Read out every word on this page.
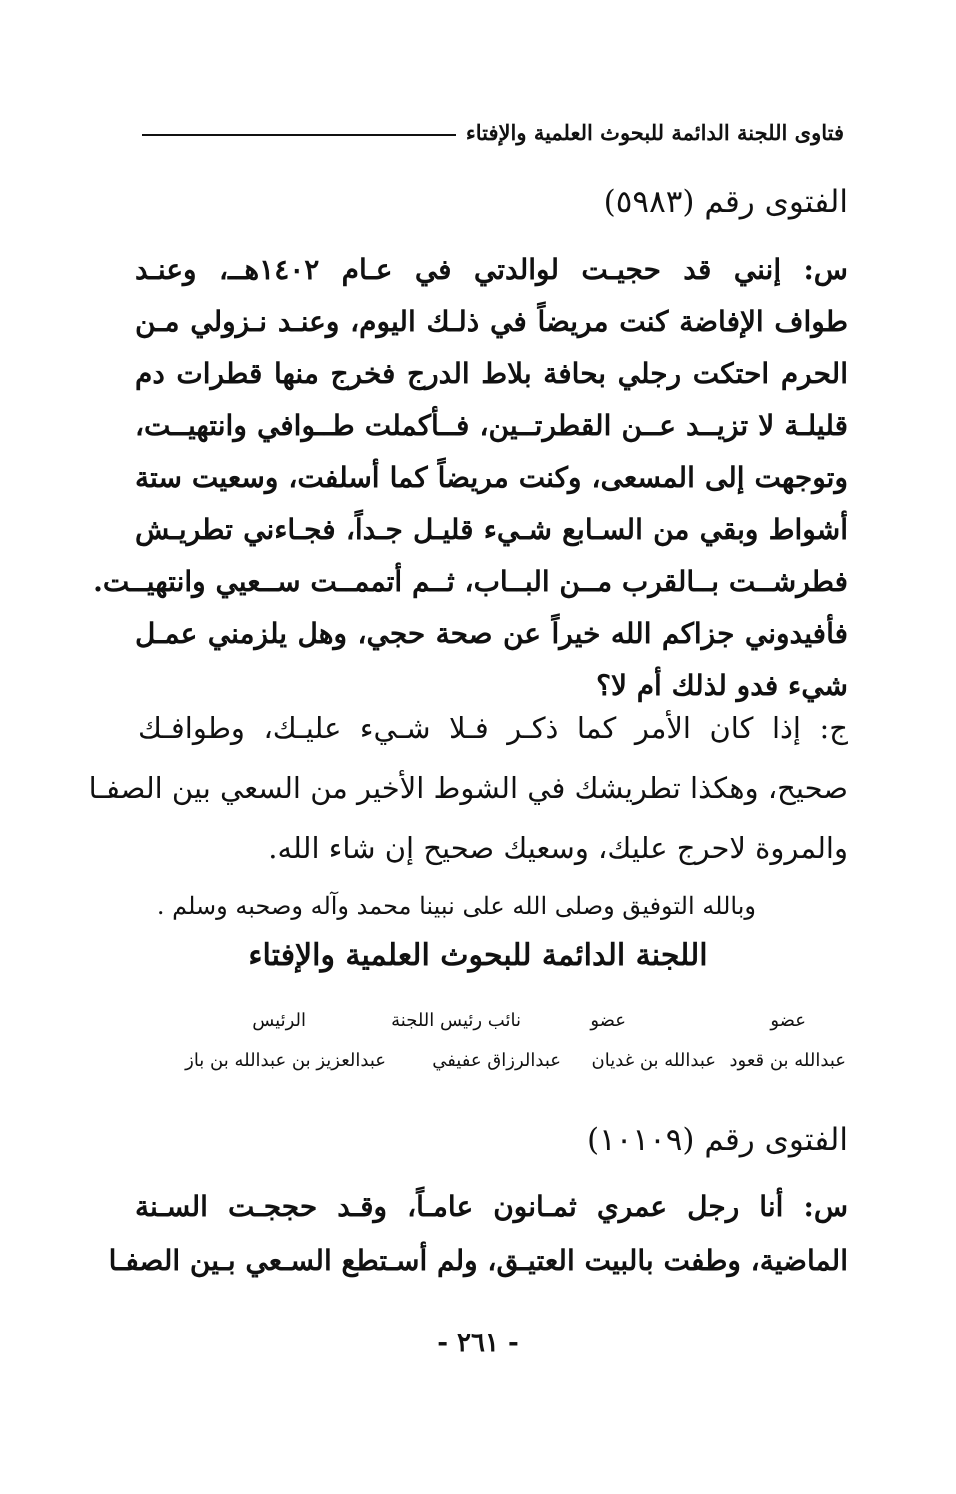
فتاوى اللجنة الدائمة للبحوث العلمية والإفتاء
الفتوى رقم (٥٩٨٣)
س: إنني قد حجيـت لوالدتي في عـام ١٤٠٢هــ، وعنـد
طواف الإفاضة كنت مريضاً في ذلـك اليوم، وعنـد نـزولي مـن
الحرم احتكت رجلي بحافة بلاط الدرج فخرج منها قطرات دم
قليلـة لا تزيــد عــن القطرتــين، فــأكملت طــوافي وانتهيــت،
وتوجهت إلى المسعى، وكنت مريضاً كما أسلفت، وسعيت ستة
أشواط وبقي من السـابع شـيء قليـل جـداً، فجـاءني تطريـش
فطرشــت بــالقرب مــن البــاب، ثــم أتممــت ســعيي وانتهيــت.
فأفيدوني جزاكم الله خيراً عن صحة حجي، وهل يلزمني عمـل
شيء فدو لذلك أم لا؟
ج: إذا كان الأمر كما ذكـر فـلا شـيء عليـك، وطوافـك
صحيح، وهكذا تطريشك في الشوط الأخير من السعي بين الصفـا
والمروة لاحرج عليك، وسعيك صحيح إن شاء الله.
وبالله التوفيق وصلى الله على نبينا محمد وآله وصحبه وسلم .
اللجنة الدائمة للبحوث العلمية والإفتاء
عضو
عضو
نائب رئيس اللجنة
الرئيس
عبدالله بن قعود
عبدالله بن غديان
عبدالرزاق عفيفي
عبدالعزيز بن عبدالله بن باز
الفتوى رقم (١٠١٠٩)
س: أنا رجل عمري ثمـانون عامـاً، وقـد حججـت السـنة
الماضية، وطفت بالبيت العتيـق، ولم أسـتطع السـعي بـين الصفـا
- ٢٦١ -
